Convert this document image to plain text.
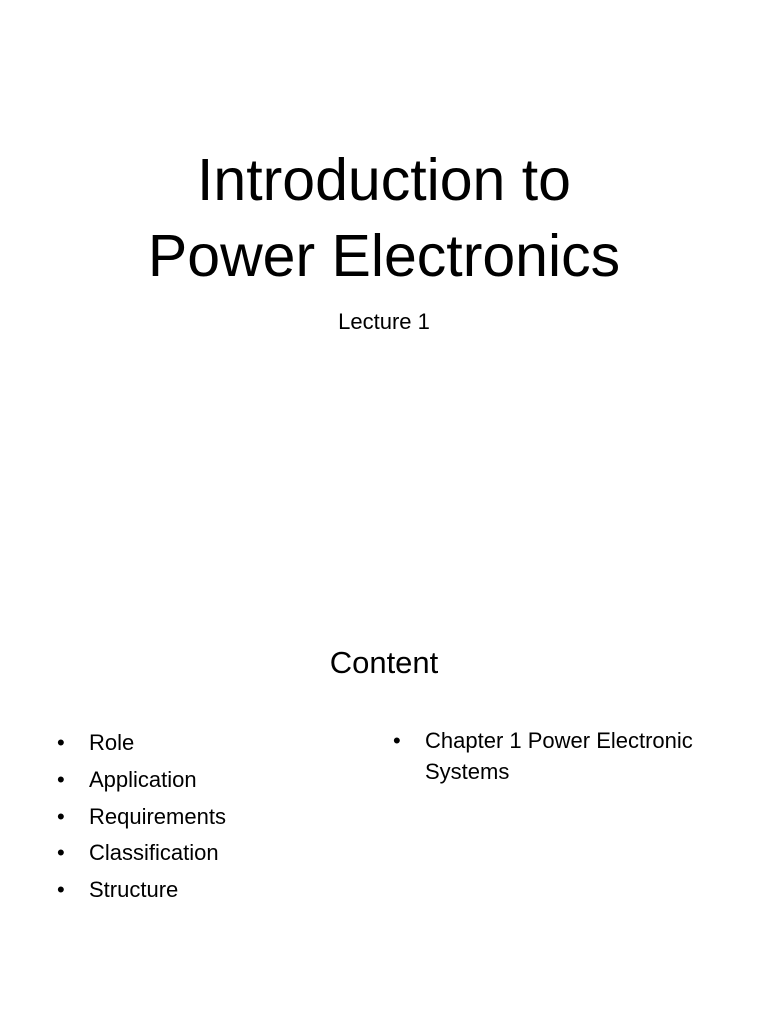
Introduction to
Power Electronics

Lecture 1

Content
• Role
• Application
• Requirements
• Classification
• Structure
• Chapter 1 Power Electronic Systems
